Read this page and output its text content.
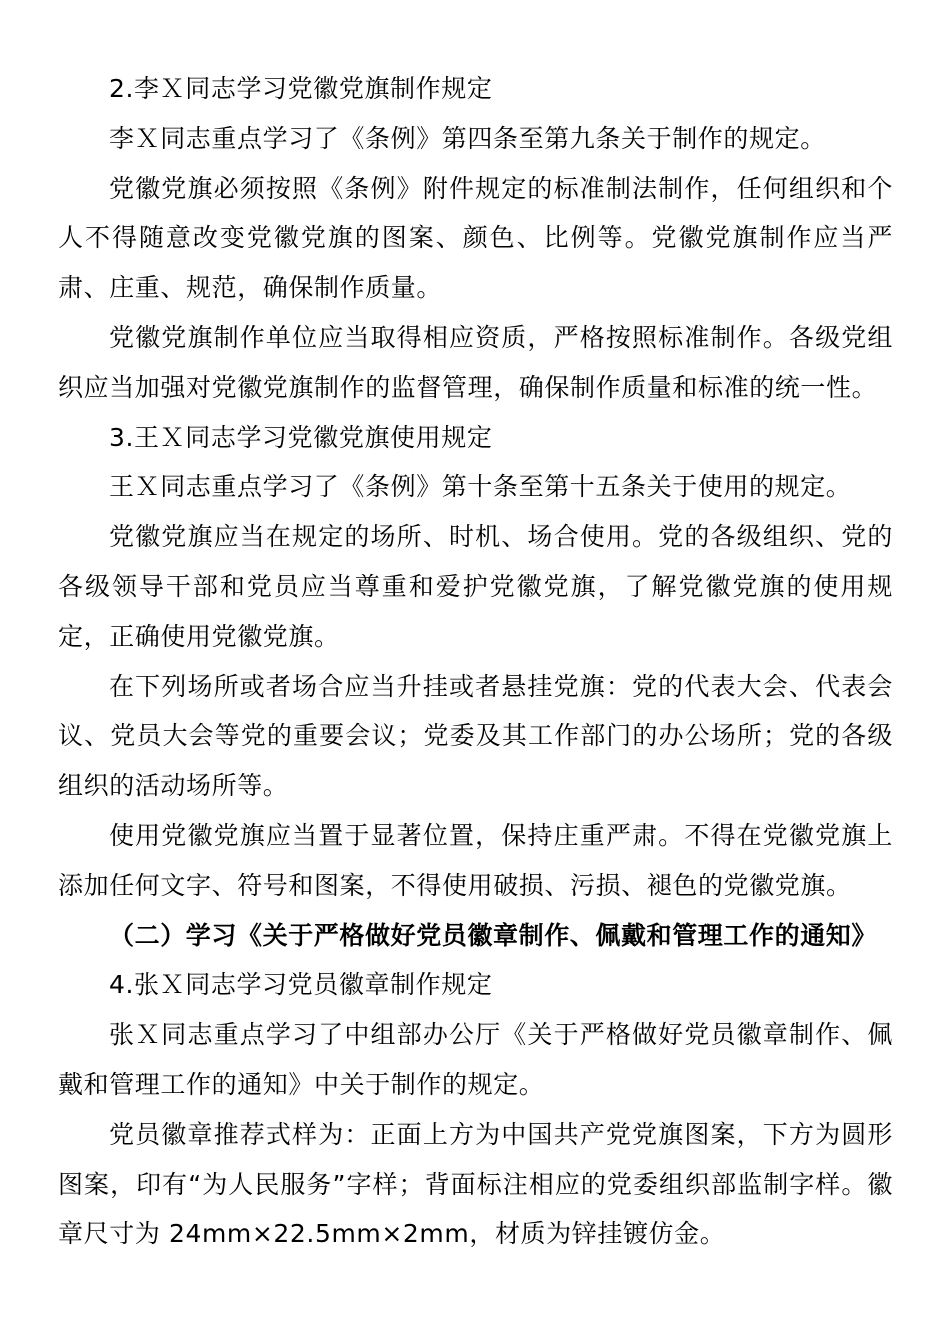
2.李Ｘ同志学习党徽党旗制作规定

李Ｘ同志重点学习了《条例》第四条至第九条关于制作的规定。

党徽党旗必须按照《条例》附件规定的标准制法制作，任何组织和个人不得随意改变党徽党旗的图案、颜色、比例等。党徽党旗制作应当严肃、庄重、规范，确保制作质量。

党徽党旗制作单位应当取得相应资质，严格按照标准制作。各级党组织应当加强对党徽党旗制作的监督管理，确保制作质量和标准的统一性。

3.王Ｘ同志学习党徽党旗使用规定

王Ｘ同志重点学习了《条例》第十条至第十五条关于使用的规定。

党徽党旗应当在规定的场所、时机、场合使用。党的各级组织、党的各级领导干部和党员应当尊重和爱护党徽党旗，了解党徽党旗的使用规定，正确使用党徽党旗。

在下列场所或者场合应当升挂或者悬挂党旗：党的代表大会、代表会议、党员大会等党的重要会议；党委及其工作部门的办公场所；党的各级组织的活动场所等。

使用党徽党旗应当置于显著位置，保持庄重严肃。不得在党徽党旗上添加任何文字、符号和图案，不得使用破损、污损、褪色的党徽党旗。

（二）学习《关于严格做好党员徽章制作、佩戴和管理工作的通知》

4.张Ｘ同志学习党员徽章制作规定

张Ｘ同志重点学习了中组部办公厅《关于严格做好党员徽章制作、佩戴和管理工作的通知》中关于制作的规定。

党员徽章推荐式样为：正面上方为中国共产党党旗图案，下方为圆形图案，印有“为人民服务”字样；背面标注相应的党委组织部监制字样。徽章尺寸为 24mm×22.5mm×2mm，材质为锌挂镀仿金。
